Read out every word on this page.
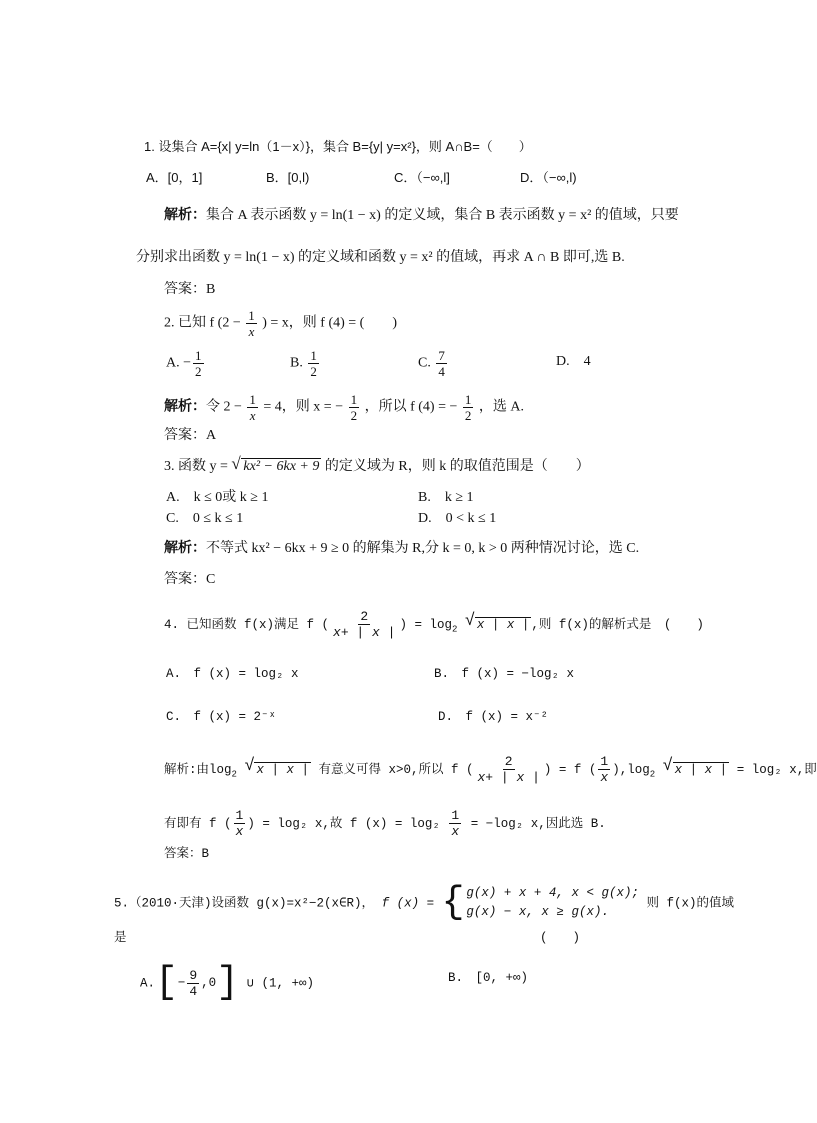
1. 设集合 A={x| y=ln（1－x）}，集合 B={y| y=x²}，则 A∩B=（　　）
A．[0，1]	B．[0,l)	C．（−∞,l]	D．（−∞,l)
解析：集合 A 表示函数 y = ln(1 − x) 的定义域，集合 B 表示函数 y = x² 的值域，只要
分别求出函数 y = ln(1 − x) 的定义域和函数 y = x² 的值域，再求 A ∩ B 即可,选 B.
答案：B
2. 已知 f ($2 - \frac{1}{x}$ ) = x，则 f (4) = (　　)
A. − $\frac{1}{2}$	B. $\frac{1}{2}$	C. $\frac{7}{4}$	D.　4
解析：令 $2 - \frac{1}{x} = 4$，则 x = − $\frac{1}{2}$ ，所以 f (4) = − $\frac{1}{2}$ ，选 A.
答案：A
3. 函数 y = √ kx² − 6kx + 9 的定义域为 R，则 k 的取值范围是（　　）
A.　k ≤ 0或 k ≥ 1	B.　k ≥ 1
C.　0 ≤ k ≤ 1	D.　0 < k ≤ 1
解析：不等式 kx² − 6kx + 9 ≥ 0 的解集为 R,分 k = 0, k > 0 两种情况讨论，选 C.
答案：C
4. 已知函数 f(x)满足 f ( $\frac{2}{x+ | x |}$ ) = $\log_2$ √ x | x | ,则 f(x)的解析式是　(　　)
A.　f (x) = log₂ x	B.　f (x) = −log₂ x
C.　f (x) = 2⁻ˣ	D.　f (x) = x⁻²
解析:由$\log_2$ √ x | x | 有意义可得 x>0,所以 f ( $\frac{2}{x+ | x |}$ ) = f ( $\frac{1}{x} ),\log_2$ √ x | x | = log₂ x,即
有即有 f ( $\frac{1}{x}$ ) = log₂ x,故 f $(x) = \log_2 \frac{1}{x} = -\log_2$ x,因此选 B.
答案：B
5.（2010·天津)设函数 g(x)=x²−2(x∈R)， f (x) = { g(x) + x + 4, x < g(x);
g(x) − x, x ≥ g(x).
则 f(x)的值域
是	(　　)
A. [ − $\frac{9}{4} ,0$ ] ∪ (1, +∞)	B.　[0, +∞)
